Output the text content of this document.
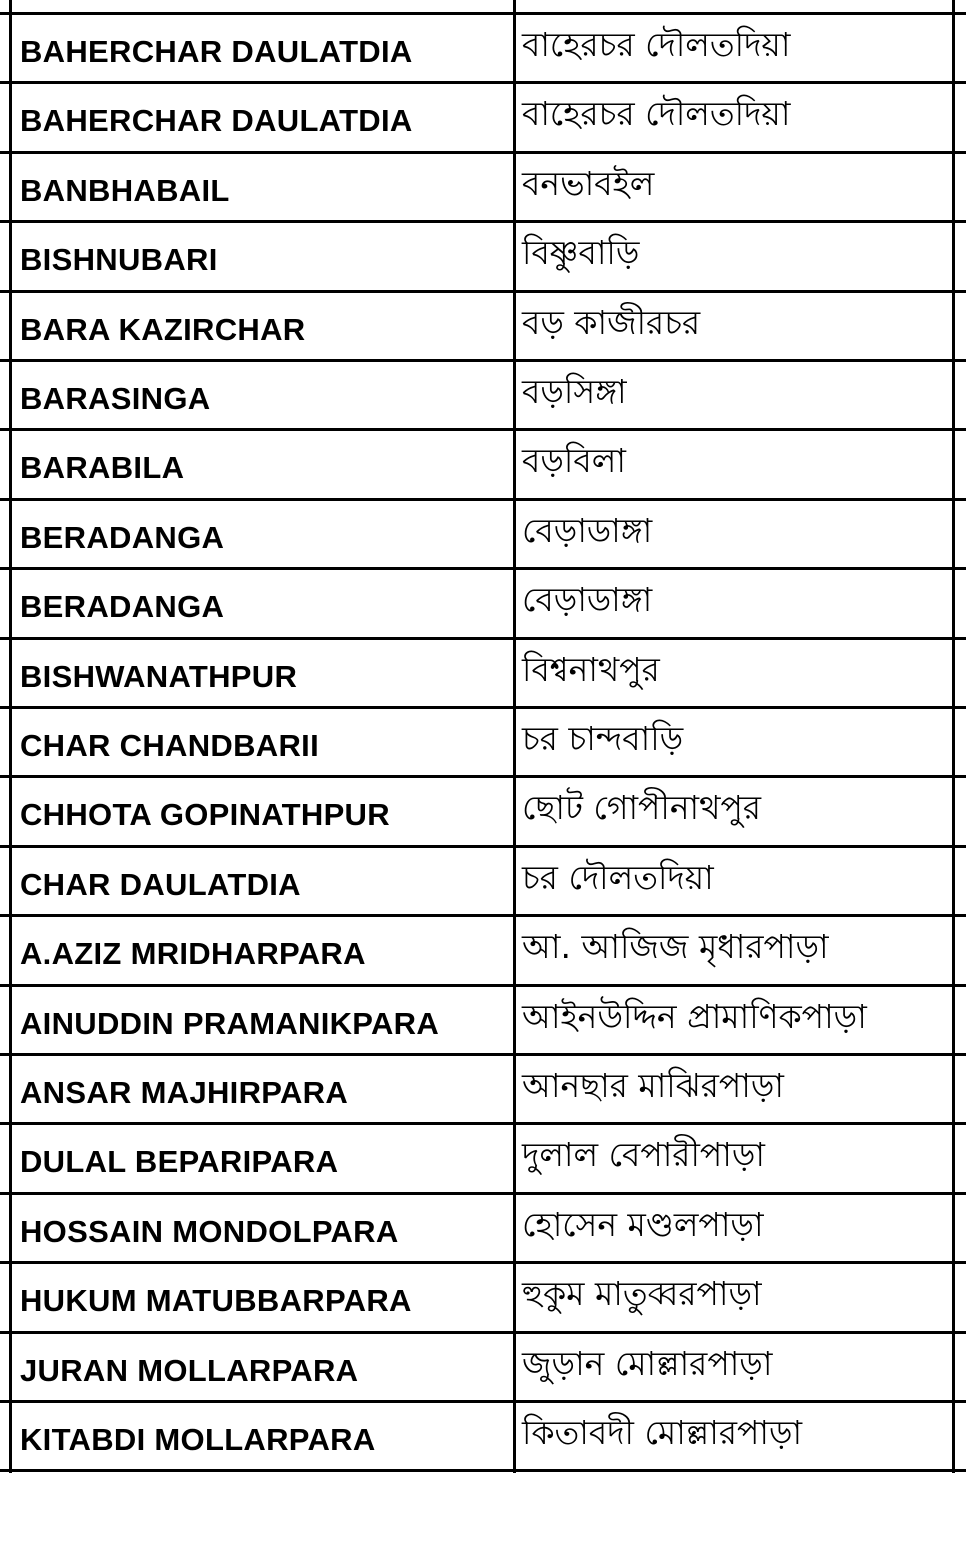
BAHERCHAR DAULATDIA	বাহেরচর দৌলতদিয়া
BAHERCHAR DAULATDIA	বাহেরচর দৌলতদিয়া
BANBHABAIL	বনভাবইল
BISHNUBARI	বিষ্ণুবাড়ি
BARA KAZIRCHAR	বড় কাজীরচর
BARASINGA	বড়সিঙ্গা
BARABILA	বড়বিলা
BERADANGA	বেড়াডাঙ্গা
BERADANGA	বেড়াডাঙ্গা
BISHWANATHPUR	বিশ্বনাথপুর
CHAR CHANDBARII	চর চান্দবাড়ি
CHHOTA GOPINATHPUR	ছোট গোপীনাথপুর
CHAR DAULATDIA	চর দৌলতদিয়া
A.AZIZ MRIDHARPARA	আ. আজিজ মৃধারপাড়া
AINUDDIN PRAMANIKPARA	আইনউদ্দিন প্রামাণিকপাড়া
ANSAR MAJHIRPARA	আনছার মাঝিরপাড়া
DULAL BEPARIPARA	দুলাল বেপারীপাড়া
HOSSAIN MONDOLPARA	হোসেন মণ্ডলপাড়া
HUKUM MATUBBARPARA	হুকুম মাতুব্বরপাড়া
JURAN MOLLARPARA	জুড়ান মোল্লারপাড়া
KITABDI MOLLARPARA	কিতাবদী মোল্লারপাড়া
